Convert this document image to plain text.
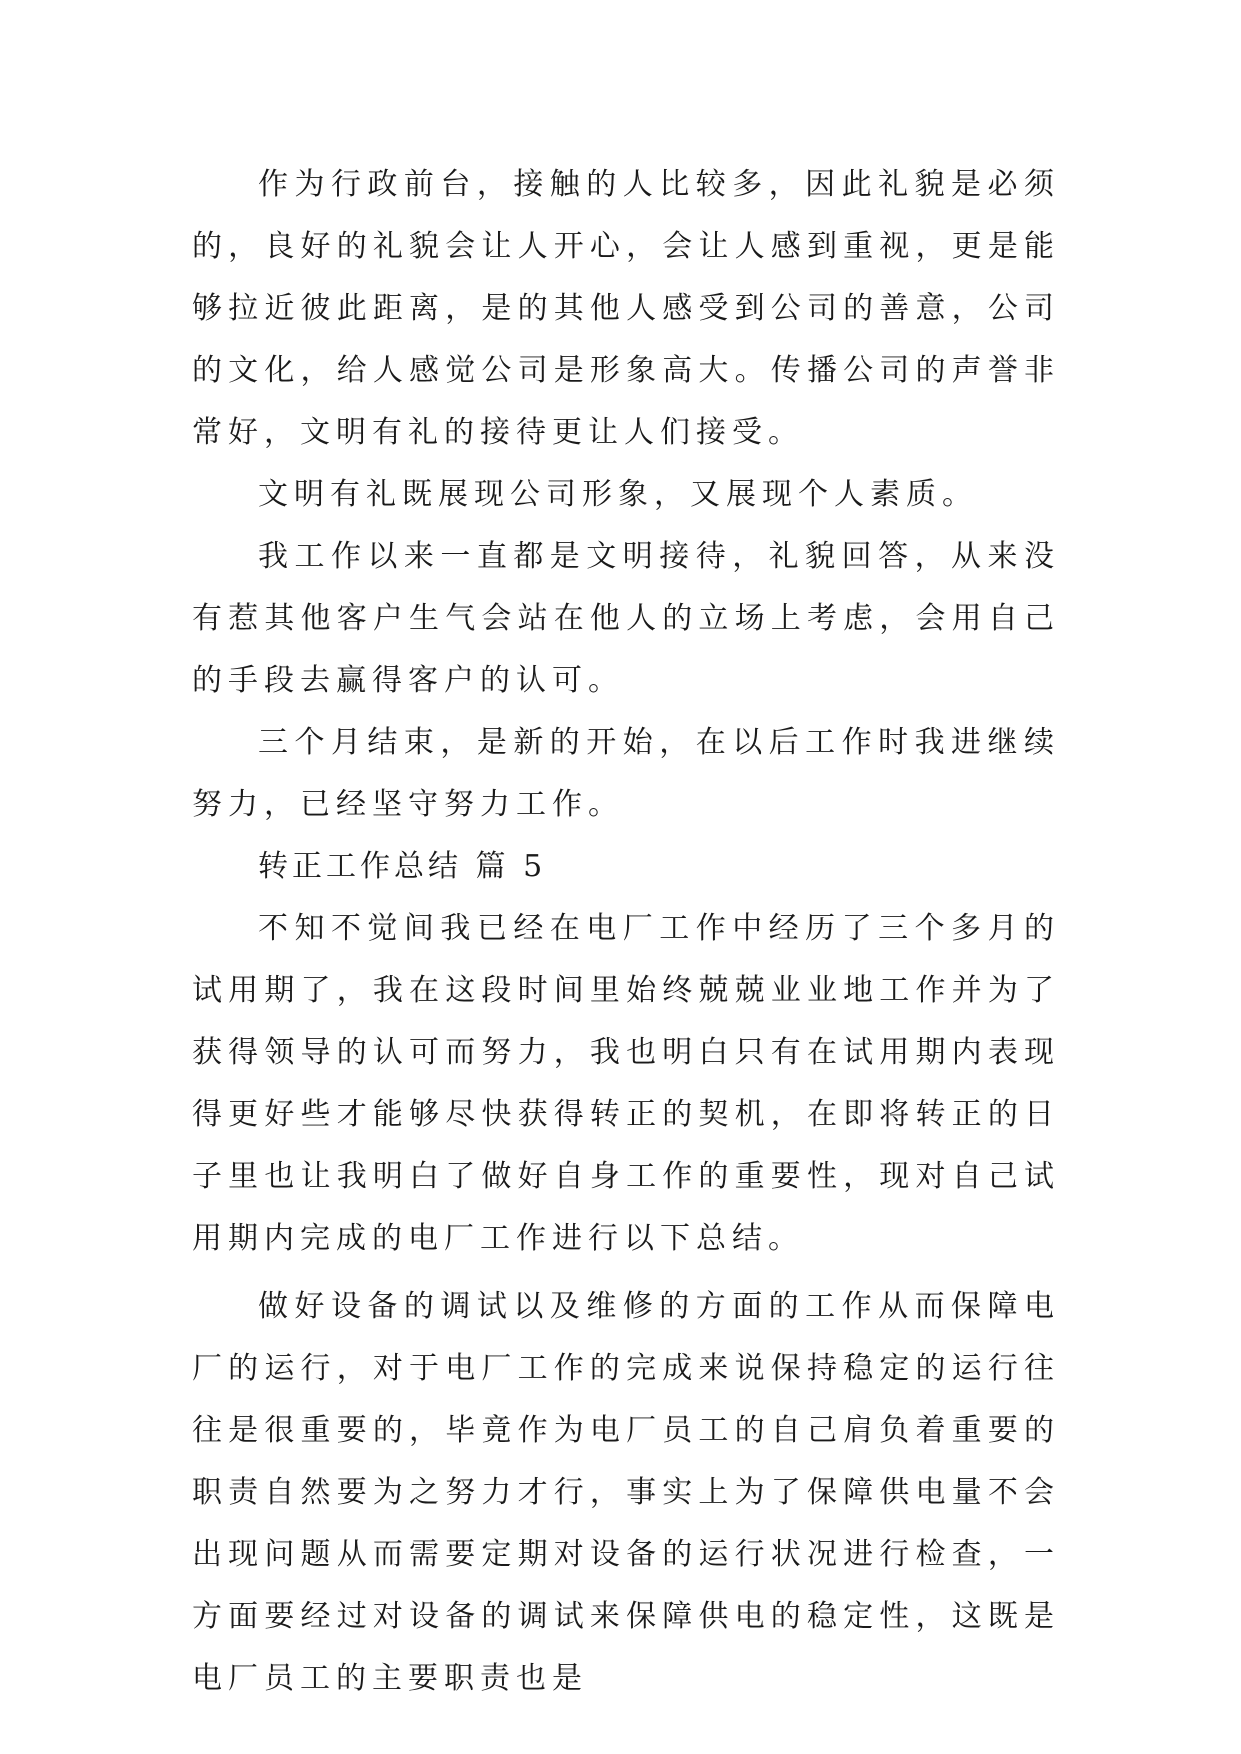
作为行政前台，接触的人比较多，因此礼貌是必须的，良好的礼貌会让人开心，会让人感到重视，更是能够拉近彼此距离，是的其他人感受到公司的善意，公司的文化，给人感觉公司是形象高大。传播公司的声誉非常好，文明有礼的接待更让人们接受。

文明有礼既展现公司形象，又展现个人素质。

我工作以来一直都是文明接待，礼貌回答，从来没有惹其他客户生气会站在他人的立场上考虑，会用自己的手段去赢得客户的认可。

三个月结束，是新的开始，在以后工作时我进继续努力，已经坚守努力工作。

转正工作总结 篇 5

不知不觉间我已经在电厂工作中经历了三个多月的试用期了，我在这段时间里始终兢兢业业地工作并为了获得领导的认可而努力，我也明白只有在试用期内表现得更好些才能够尽快获得转正的契机，在即将转正的日子里也让我明白了做好自身工作的重要性，现对自己试用期内完成的电厂工作进行以下总结。

做好设备的调试以及维修的方面的工作从而保障电厂的运行，对于电厂工作的完成来说保持稳定的运行往往是很重要的，毕竟作为电厂员工的自己肩负着重要的职责自然要为之努力才行，事实上为了保障供电量不会出现问题从而需要定期对设备的运行状况进行检查，一方面要经过对设备的调试来保障供电的稳定性，这既是电厂员工的主要职责也是
